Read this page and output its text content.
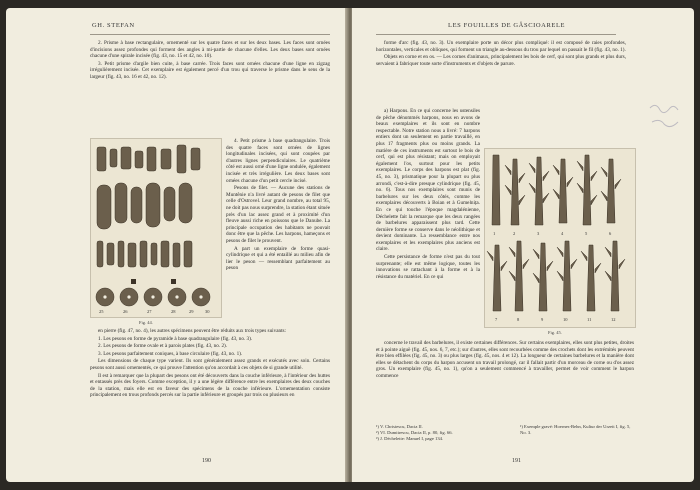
GH. STEFAN

2. Prisme à base rectangulaire, ornementé sur les quatre faces et sur les deux bases. Les faces sont ornées d'incisions assez profondes qui forment des angles à mi-partie de chacune d'elles. Les deux bases sont ornées chacune d'une spirale incisée (fig. 43, no. 15 et 42, no. 10).

3. Petit prisme d'argile bien cuite, à base carrée. Trois faces sont ornées chacune d'une ligne en zigzag irrégulièrement incisée. Cet exemplaire est également percé d'un trou qui traverse le prisme dans le sens de la largeur (fig. 43, no. 16 et 42, no. 12).

25	26	27	28	29	30
Fig. 44.

4. Petit prisme à base quadrangulaire. Trois des quatre faces sont ornées de lignes longitudinales incisées, qui sont coupées par d'autres lignes perpendiculaires. Le quatrième côté est aussi orné d'une ligne ondulée, également incisée et très irrégulière. Les deux bases sont ornées chacune d'un petit cercle incisé.

Pesons de filet. — Aucune des stations de Muntênie n'a livré autant de pesons de filet que celle d'Ostrovel. Leur grand nombre, au total 95, ne doit pas nous surprendre, la station étant située près d'un lac assez grand et à proximité d'un fleuve aussi riche en poissons que le Danube. La principale occupation des habitants ne pouvait donc être que la pêche. Les harpons, hameçons et pesons de filet le prouvent.

A part un exemplaire de forme quasi-cylindrique et qui a été entaillé au milieu afin de lier le peson — ressemblant parfaitement au peson

en pierre (fig. 47, no. 4), les autres spécimens peuvent être réduits aux trois types suivants:

1. Les pesons en forme de pyramide à base quadrangulaire (fig. 43, no. 3).

2. Les pesons de forme ovale et à parois plates (fig. 43, no. 2).

3. Les pesons parfaitement coniques, à base circulaire (fig. 43, no. 1).

Les dimensions de chaque type varient. Ils sont généralement assez grands et exécutés avec soin. Certains pesons sont aussi ornementés, ce qui prouve l'attention qu'on accordait à ces objets de si grande utilité.

Il est à remarquer que la plupart des pesons ont été découverts dans la couche inférieure, à l'intérieur des huttes et entassés près des foyers. Comme exception, il y a une légère différence entre les exemplaires des deux couches de la station, mais elle est en faveur des spécimens de la couche inférieure. L'ornementation consiste principalement en trous profonds percés sur la partie inférieure et groupés par trois ou plusieurs en

190
LES FOUILLES DE GĂSCIOARELE

forme d'arc (fig. 43, no. 3). Un exemplaire porte un décor plus compliqué: il est composé de raies profondes, horizontales, verticales et obliques, qui forment un triangle au-dessous du trou par lequel on passait le fil (fig. 43, no. 1).

Objets en corne et en os. — Les cornes d'animaux, principalement les bois de cerf, qui sont plus grands et plus durs, servaient à fabriquer toute sorte d'instruments et d'objets de parure.

a) Harpons. En ce qui concerne les ustensiles de pêche dénommés harpons, nous en avons de beaux exemplaires et ils sont en nombre respectable. Notre station nous a livré: 7 harpons entiers dont un seulement en partie travaillé, en plus 17 fragments plus ou moins grands. La matière de ces instruments est surtout le bois de cerf, qui est plus résistant; mais on employait également l'os, surtout pour les petits exemplaires. Le corps des harpons est plat (fig. 45, no. 3), prismatique pour la plupart ou plus arrondi, c'est-à-dire presque cylindrique (fig. 45, no. 6). Tous nos exemplaires sont munis de barbelures sur les deux côtés, comme les exemplaires découverts à Boian et à Gumelnița. En ce qui touche l'époque magdalénienne, Déchelette fait la remarque que les deux rangées de barbelures apparaissent plus tard. Cette dernière forme se conserve dans le néolithique et devient dominante. La ressemblance entre nos exemplaires et les exemplaires plus anciens est claire.

Cette persistance de forme n'est pas du tout surprenante; elle est même logique, toutes les innovations se rattachant à la forme et à la résistance du matériel. En ce qui

1	2	3	4	5	6
7	8	9	10	11	12
Fig. 45.

concerne le travail des barbelures, il existe certaines différences. Sur certains exemplaires, elles sont plus petites, droites et à pointe aiguë (fig. 45, nos. 6, 7, etc.); sur d'autres, elles sont recourbées comme des crochets dont les extrémités peuvent être bien effilées (fig. 45, no. 3) ou plus larges (fig. 45, nos. 4 et 12). La longueur de certaines barbelures et la manière dont elles se détachent du corps du harpon accusent un travail prolongé, car il fallait partir d'un morceau de corne ou d'os assez gros. Un exemplaire (fig. 45, no. 1), qu'on a seulement commencé à travailler, permet de voir comment le harpon commence

¹) V. Christescu, Dacia II.

²) VI. Dumitrescu, Dacia II, p. 80, fig. 66.

³) J. Déchelette: Manuel I, page 134.

¹) Exemple gravé: Hoernes-Behn, Kultur der Urzeit I, fig. 5, No. 3.

191
